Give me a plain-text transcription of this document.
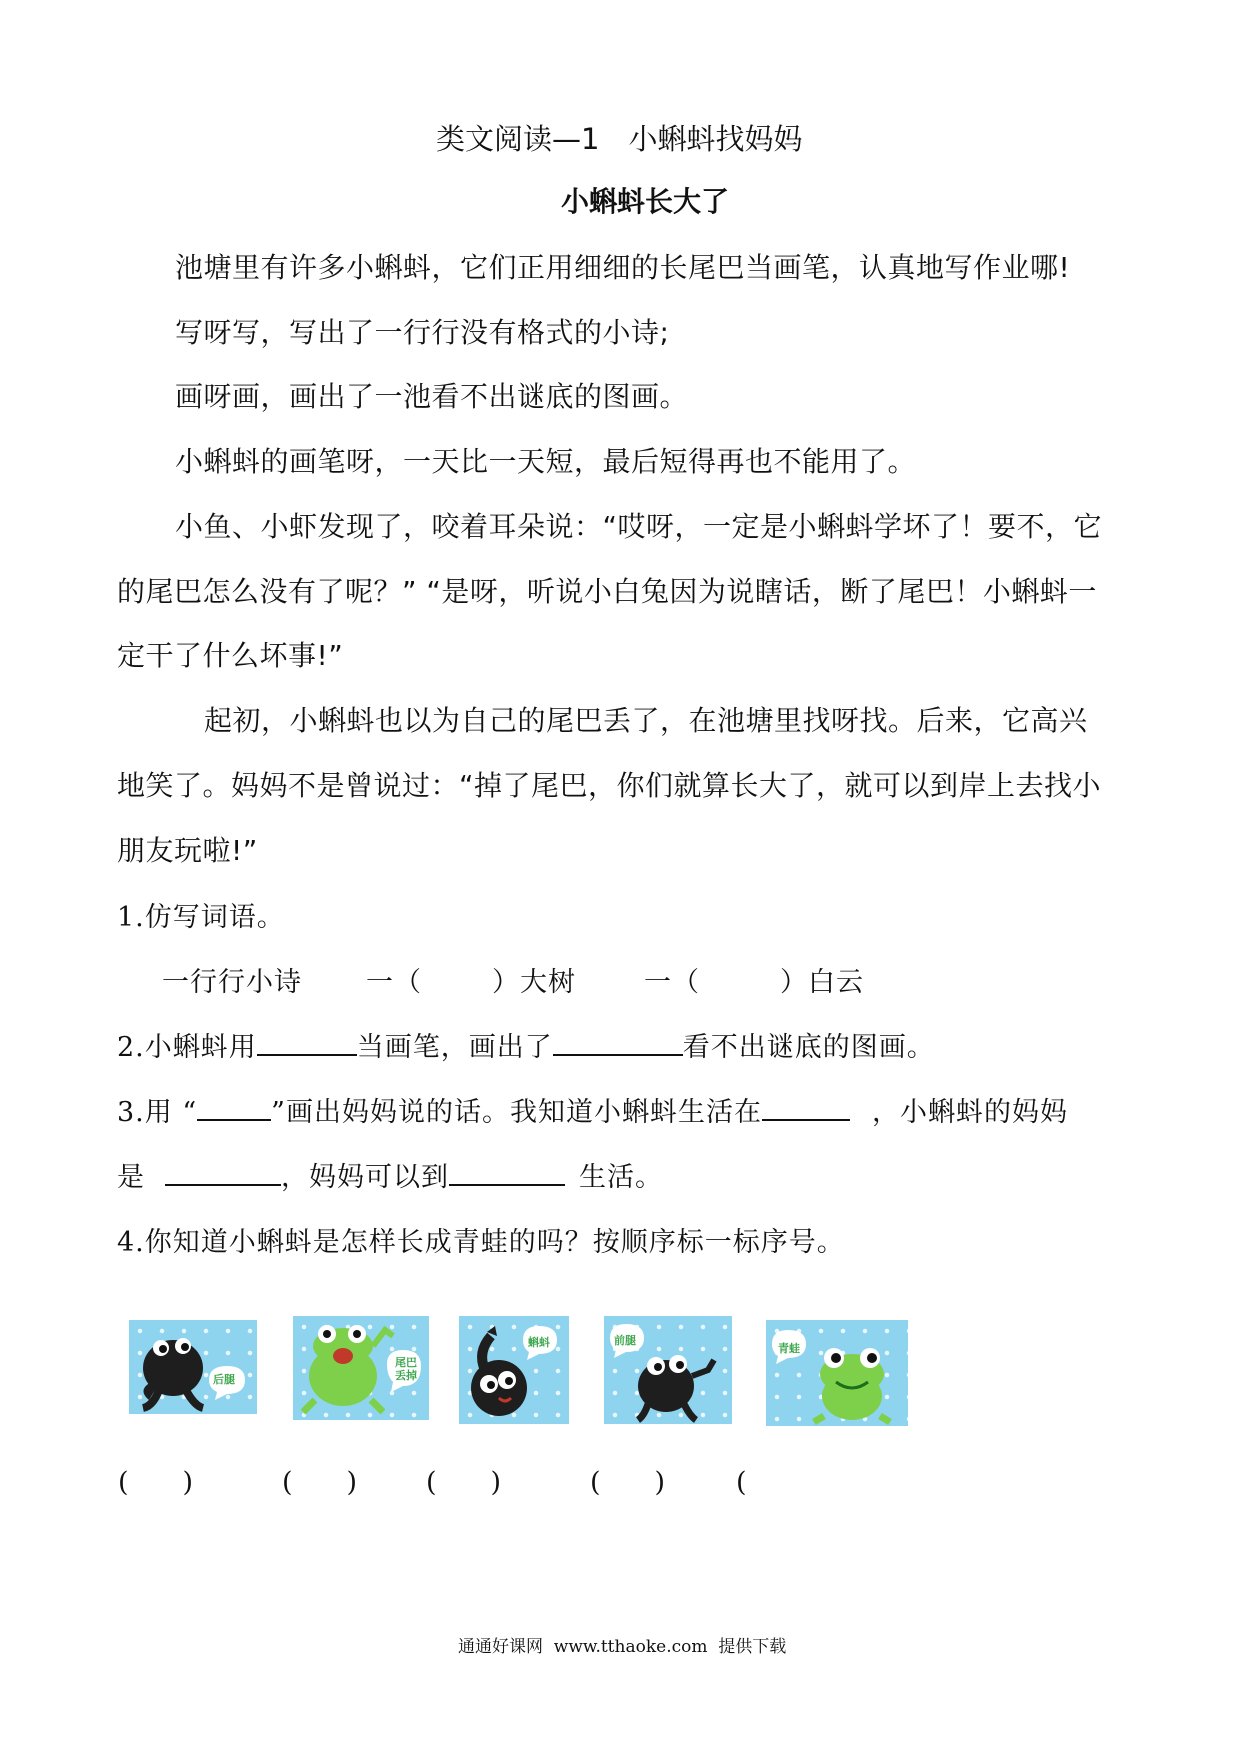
类文阅读—1　小蝌蚪找妈妈
小蝌蚪长大了
池塘里有许多小蝌蚪，它们正用细细的长尾巴当画笔，认真地写作业哪!
写呀写，写出了一行行没有格式的小诗;
画呀画，画出了一池看不出谜底的图画。
小蝌蚪的画笔呀，一天比一天短，最后短得再也不能用了。
小鱼、小虾发现了，咬着耳朵说：“哎呀，一定是小蝌蚪学坏了！要不，它
的尾巴怎么没有了呢？” “是呀，听说小白兔因为说瞎话，断了尾巴！小蝌蚪一
定干了什么坏事!”
起初，小蝌蚪也以为自己的尾巴丢了，在池塘里找呀找。后来，它高兴
地笑了。妈妈不是曾说过：“掉了尾巴，你们就算长大了，就可以到岸上去找小
朋友玩啦!”
1.仿写词语。
一行行小诗 一（	）大树	一（	）白云
2.小蝌蚪用	当画笔，画出了	看不出谜底的图画。
3.用 “	”画出妈妈说的话。我知道小蝌蚪生活在	，小蝌蚪的妈妈
是	，妈妈可以到	生活。
4.你知道小蝌蚪是怎样长成青蛙的吗？按顺序标一标序号。
后腿
尾巴 丢掉
蝌蚪	前腿
青蛙
(　　)	(　　)	(　　)	(　　)	(　　
通通好课网  www.tthaoke.com  提供下载
